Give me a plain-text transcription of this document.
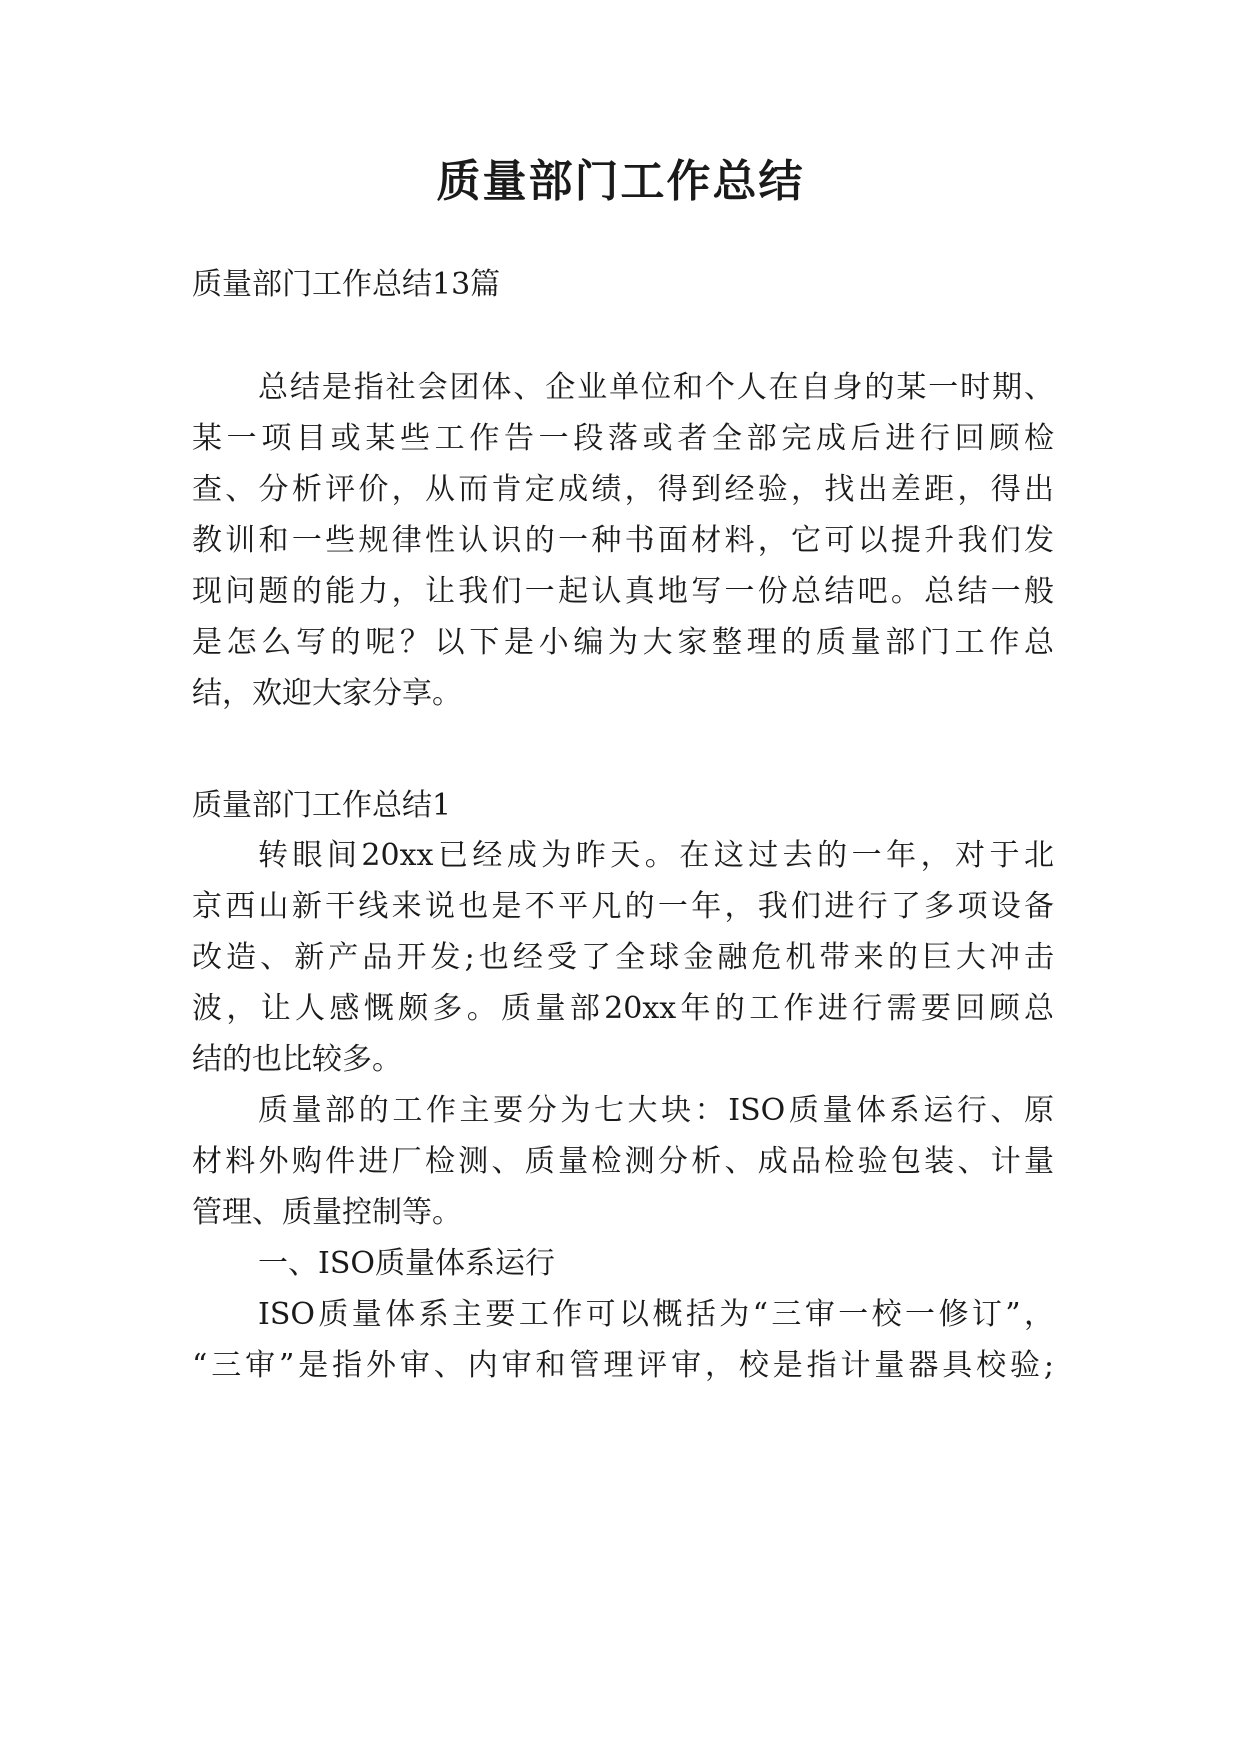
质量部门工作总结
质量部门工作总结13篇
总结是指社会团体、企业单位和个人在自身的某一时期、
某一项目或某些工作告一段落或者全部完成后进行回顾检
查、分析评价，从而肯定成绩，得到经验，找出差距，得出
教训和一些规律性认识的一种书面材料，它可以提升我们发
现问题的能力，让我们一起认真地写一份总结吧。总结一般
是怎么写的呢？以下是小编为大家整理的质量部门工作总
结，欢迎大家分享。
质量部门工作总结1
转眼间20xx已经成为昨天。在这过去的一年，对于北
京西山新干线来说也是不平凡的一年，我们进行了多项设备
改造、新产品开发;也经受了全球金融危机带来的巨大冲击
波，让人感慨颇多。质量部20xx年的工作进行需要回顾总
结的也比较多。
质量部的工作主要分为七大块：ISO质量体系运行、原
材料外购件进厂检测、质量检测分析、成品检验包装、计量
管理、质量控制等。
一、ISO质量体系运行
ISO质量体系主要工作可以概括为“三审一校一修订”，
“三审”是指外审、内审和管理评审，校是指计量器具校验;
